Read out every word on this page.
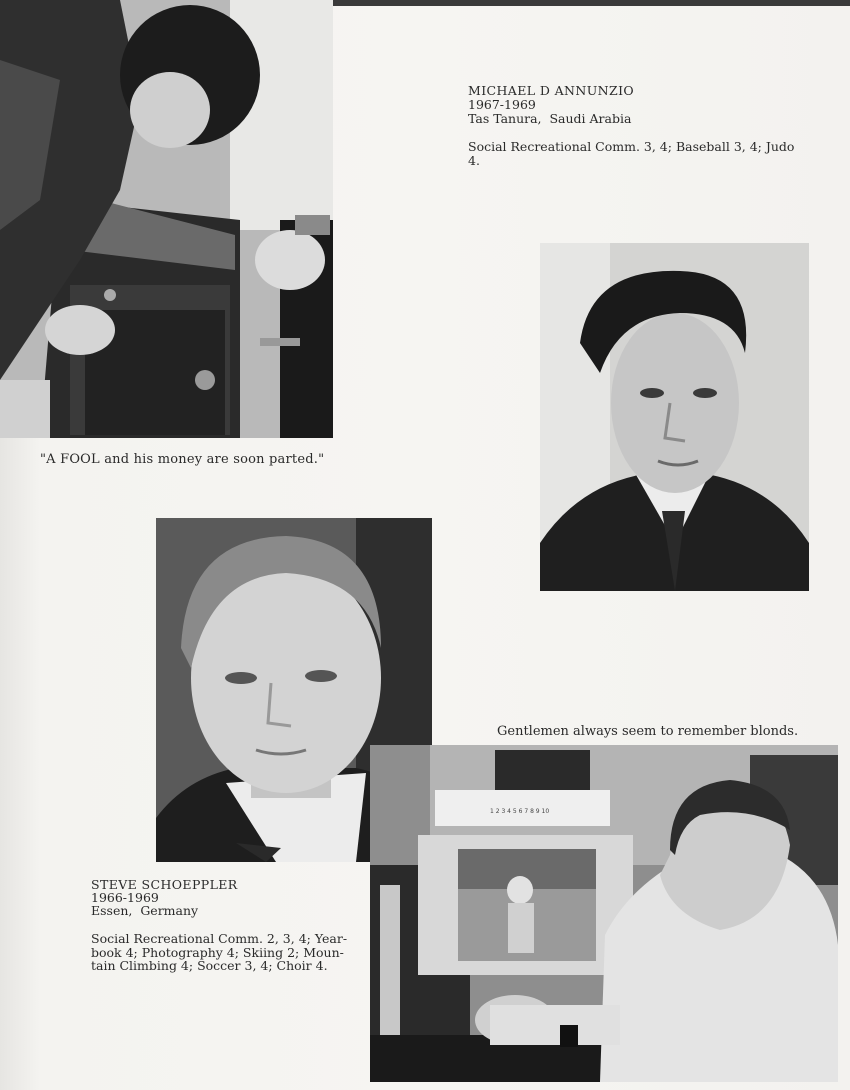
"A FOOL and his money are soon parted."
MICHAEL D ANNUNZIO
1967-1969
Tas Tanura,  Saudi Arabia
Social Recreational Comm. 3, 4; Baseball 3, 4; Judo 4.
Gentlemen always seem to remember blonds.
1 2 3 4 5 6 7 8 9 10
STEVE SCHOEPPLER
1966-1969
Essen,  Germany
Social Recreational Comm. 2, 3, 4; Year-book 4; Photography 4; Skiing 2; Moun-tain Climbing 4; Soccer 3, 4; Choir 4.
